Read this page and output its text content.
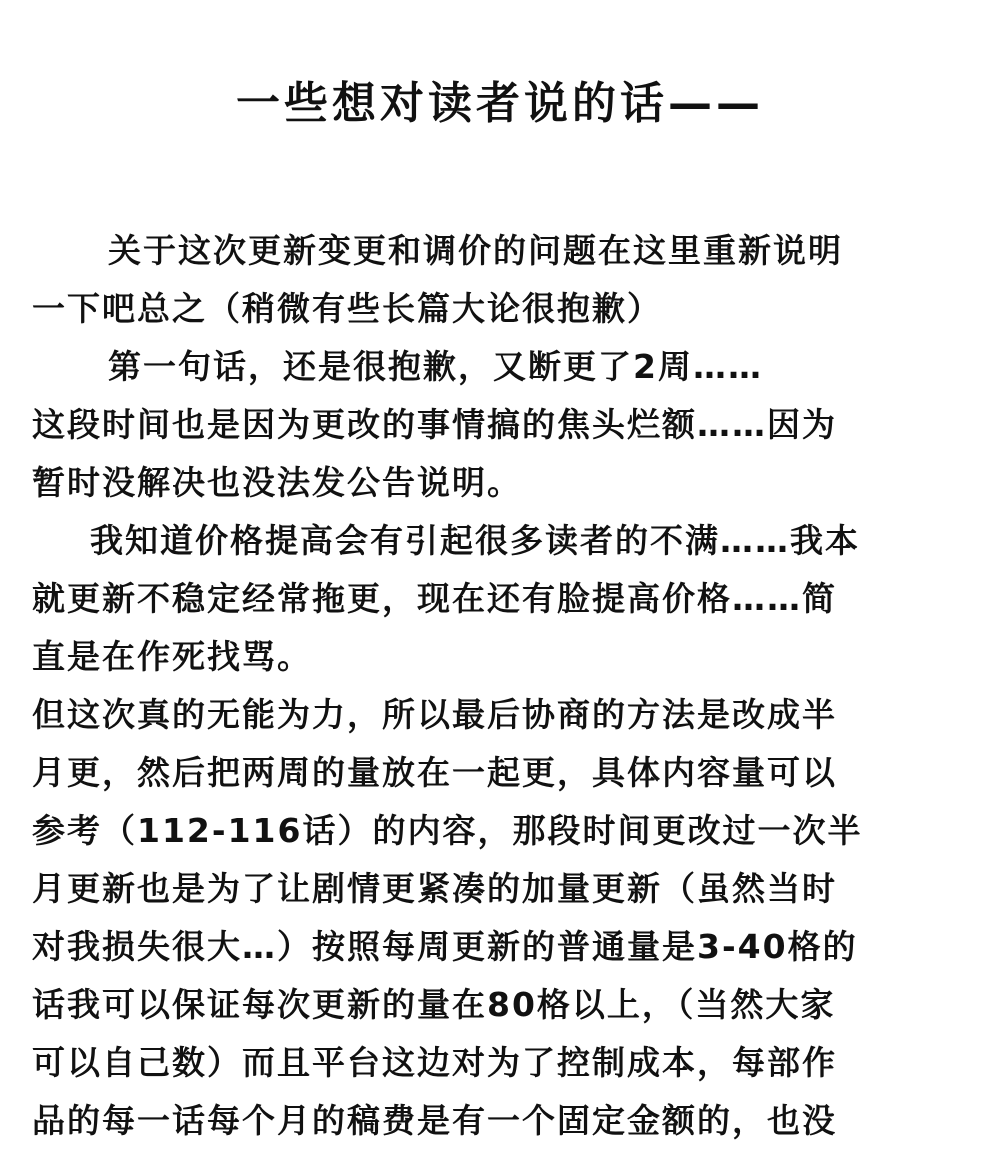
一些想对读者说的话——
关于这次更新变更和调价的问题在这里重新说明
一下吧总之（稍微有些长篇大论很抱歉）
第一句话，还是很抱歉，又断更了2周……
这段时间也是因为更改的事情搞的焦头烂额……因为
暂时没解决也没法发公告说明。
我知道价格提高会有引起很多读者的不满……我本
就更新不稳定经常拖更，现在还有脸提高价格……简
直是在作死找骂。
但这次真的无能为力，所以最后协商的方法是改成半
月更，然后把两周的量放在一起更，具体内容量可以
参考（112-116话）的内容，那段时间更改过一次半
月更新也是为了让剧情更紧凑的加量更新（虽然当时
对我损失很大…）按照每周更新的普通量是3-40格的
话我可以保证每次更新的量在80格以上，（当然大家
可以自己数）而且平台这边对为了控制成本，每部作
品的每一话每个月的稿费是有一个固定金额的，也没
